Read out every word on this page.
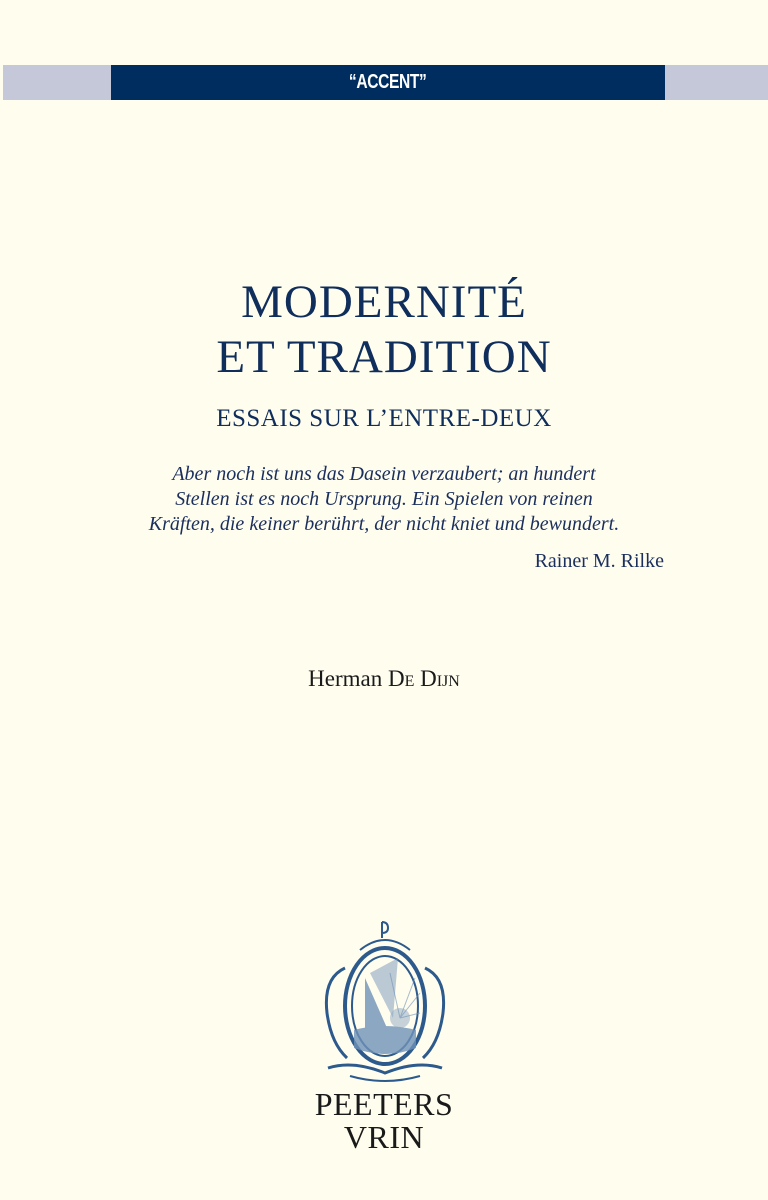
“ACCENT”
MODERNITÉ
ET TRADITION
ESSAIS SUR L’ENTRE-DEUX
Aber noch ist uns das Dasein verzaubert; an hundert
Stellen ist es noch Ursprung. Ein Spielen von reinen
Kräften, die keiner berührt, der nicht kniet und bewundert.
Rainer M. Rilke
Herman De Dijn
PEETERS
VRIN
